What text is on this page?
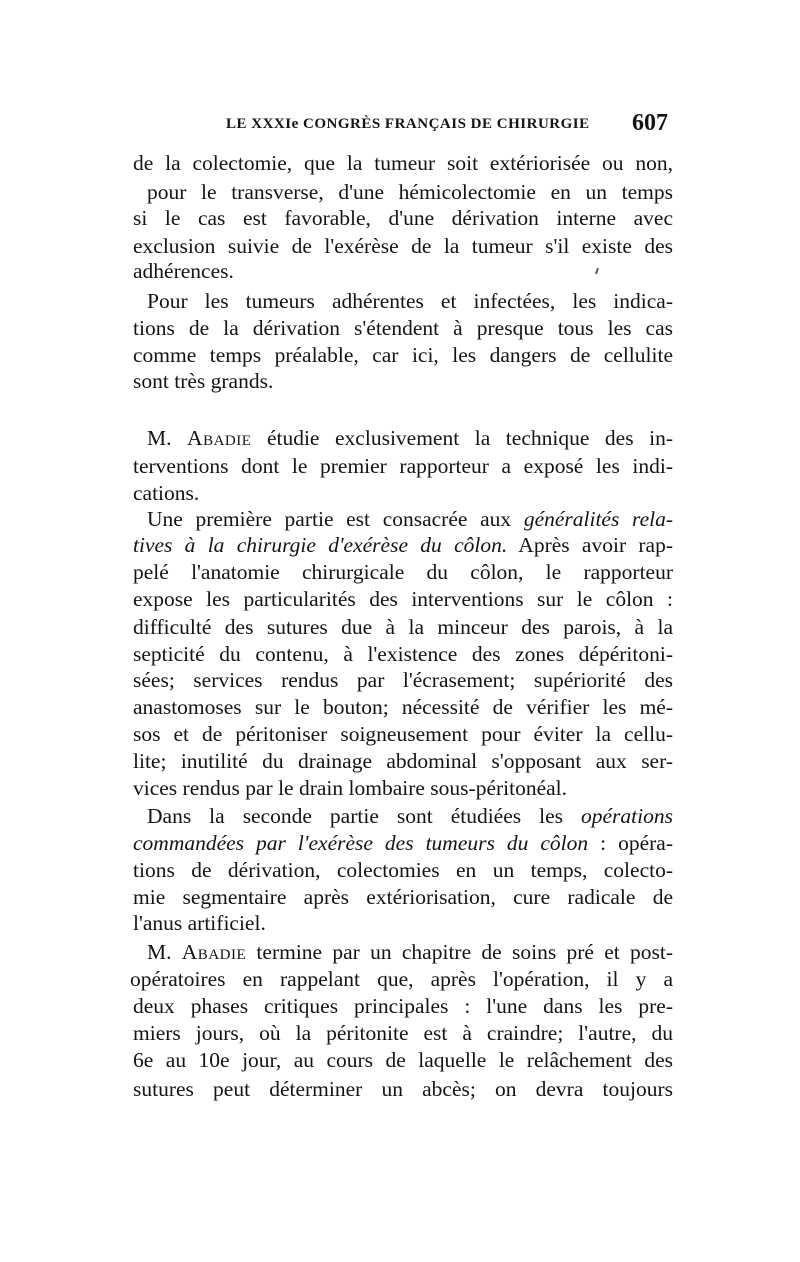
LE XXXIe CONGRÈS FRANÇAIS DE CHIRURGIE 607
de la colectomie, que la tumeur soit extériorisée ou non,
pour le transverse, d'une hémicolectomie en un temps
si le cas est favorable, d'une dérivation interne avec
exclusion suivie de l'exérèse de la tumeur s'il existe des
adhérences.
Pour les tumeurs adhérentes et infectées, les indica-
tions de la dérivation s'étendent à presque tous les cas
comme temps préalable, car ici, les dangers de cellulite
sont très grands.
M. Abadie étudie exclusivement la technique des in-
terventions dont le premier rapporteur a exposé les indi-
cations.
Une première partie est consacrée aux généralités rela-
tives à la chirurgie d'exérèse du côlon. Après avoir rap-
pelé l'anatomie chirurgicale du côlon, le rapporteur
expose les particularités des interventions sur le côlon :
difficulté des sutures due à la minceur des parois, à la
septicité du contenu, à l'existence des zones dépéritoni-
sées; services rendus par l'écrasement; supériorité des
anastomoses sur le bouton; nécessité de vérifier les mé-
sos et de péritoniser soigneusement pour éviter la cellu-
lite; inutilité du drainage abdominal s'opposant aux ser-
vices rendus par le drain lombaire sous-péritonéal.
Dans la seconde partie sont étudiées les opérations
commandées par l'exérèse des tumeurs du côlon : opéra-
tions de dérivation, colectomies en un temps, colecto-
mie segmentaire après extériorisation, cure radicale de
l'anus artificiel.
M. Abadie termine par un chapitre de soins pré et post-
opératoires en rappelant que, après l'opération, il y a
deux phases critiques principales : l'une dans les pre-
miers jours, où la péritonite est à craindre; l'autre, du
6e au 10e jour, au cours de laquelle le relâchement des
sutures peut déterminer un abcès; on devra toujours
